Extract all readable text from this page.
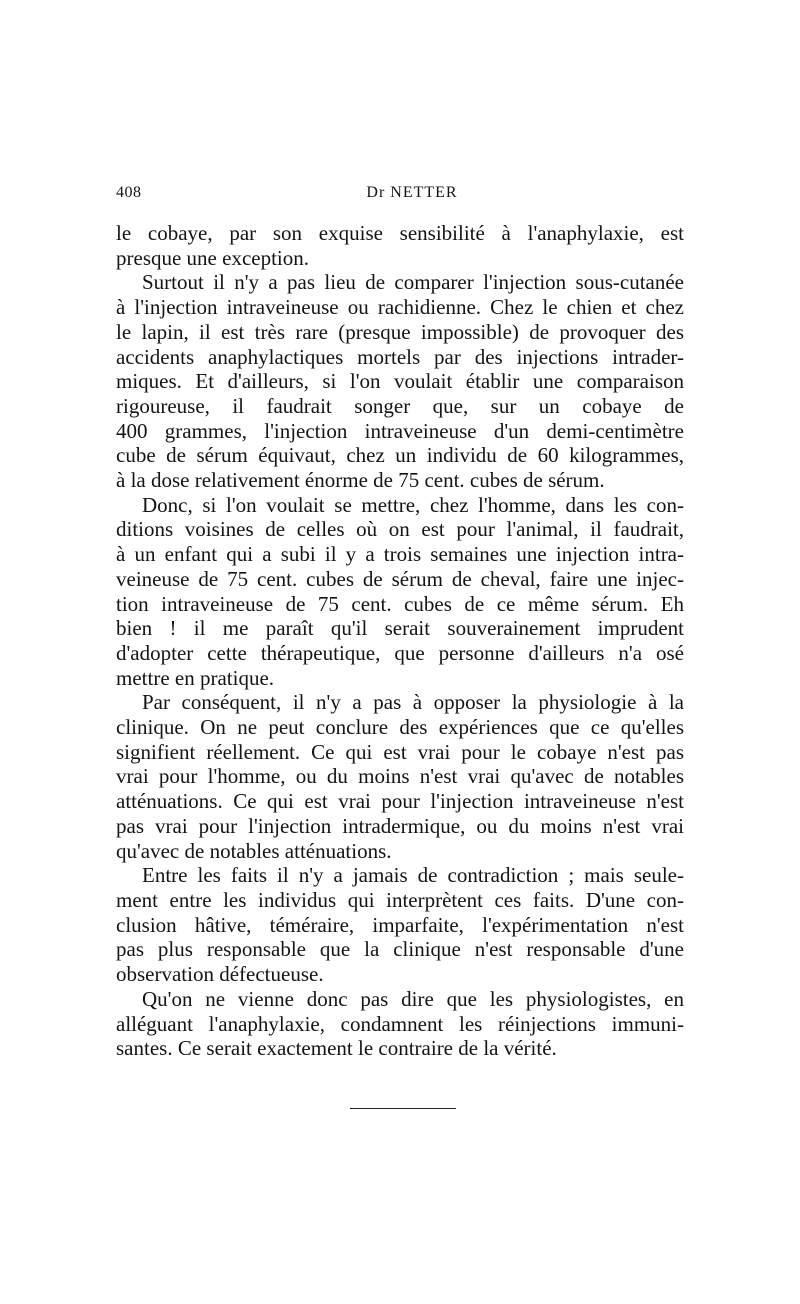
408	Dr NETTER

le cobaye, par son exquise sensibilité à l'anaphylaxie, est
presque une exception.

Surtout il n'y a pas lieu de comparer l'injection sous-cutanée
à l'injection intraveineuse ou rachidienne. Chez le chien et chez
le lapin, il est très rare (presque impossible) de provoquer des
accidents anaphylactiques mortels par des injections intrader-
miques. Et d'ailleurs, si l'on voulait établir une comparaison
rigoureuse, il faudrait songer que, sur un cobaye de
400 grammes, l'injection intraveineuse d'un demi-centimètre
cube de sérum équivaut, chez un individu de 60 kilogrammes,
à la dose relativement énorme de 75 cent. cubes de sérum.

Donc, si l'on voulait se mettre, chez l'homme, dans les con-
ditions voisines de celles où on est pour l'animal, il faudrait,
à un enfant qui a subi il y a trois semaines une injection intra-
veineuse de 75 cent. cubes de sérum de cheval, faire une injec-
tion intraveineuse de 75 cent. cubes de ce même sérum. Eh
bien ! il me paraît qu'il serait souverainement imprudent
d'adopter cette thérapeutique, que personne d'ailleurs n'a osé
mettre en pratique.

Par conséquent, il n'y a pas à opposer la physiologie à la
clinique. On ne peut conclure des expériences que ce qu'elles
signifient réellement. Ce qui est vrai pour le cobaye n'est pas
vrai pour l'homme, ou du moins n'est vrai qu'avec de notables
atténuations. Ce qui est vrai pour l'injection intraveineuse n'est
pas vrai pour l'injection intradermique, ou du moins n'est vrai
qu'avec de notables atténuations.

Entre les faits il n'y a jamais de contradiction ; mais seule-
ment entre les individus qui interprètent ces faits. D'une con-
clusion hâtive, téméraire, imparfaite, l'expérimentation n'est
pas plus responsable que la clinique n'est responsable d'une
observation défectueuse.

Qu'on ne vienne donc pas dire que les physiologistes, en
alléguant l'anaphylaxie, condamnent les réinjections immuni-
santes. Ce serait exactement le contraire de la vérité.
